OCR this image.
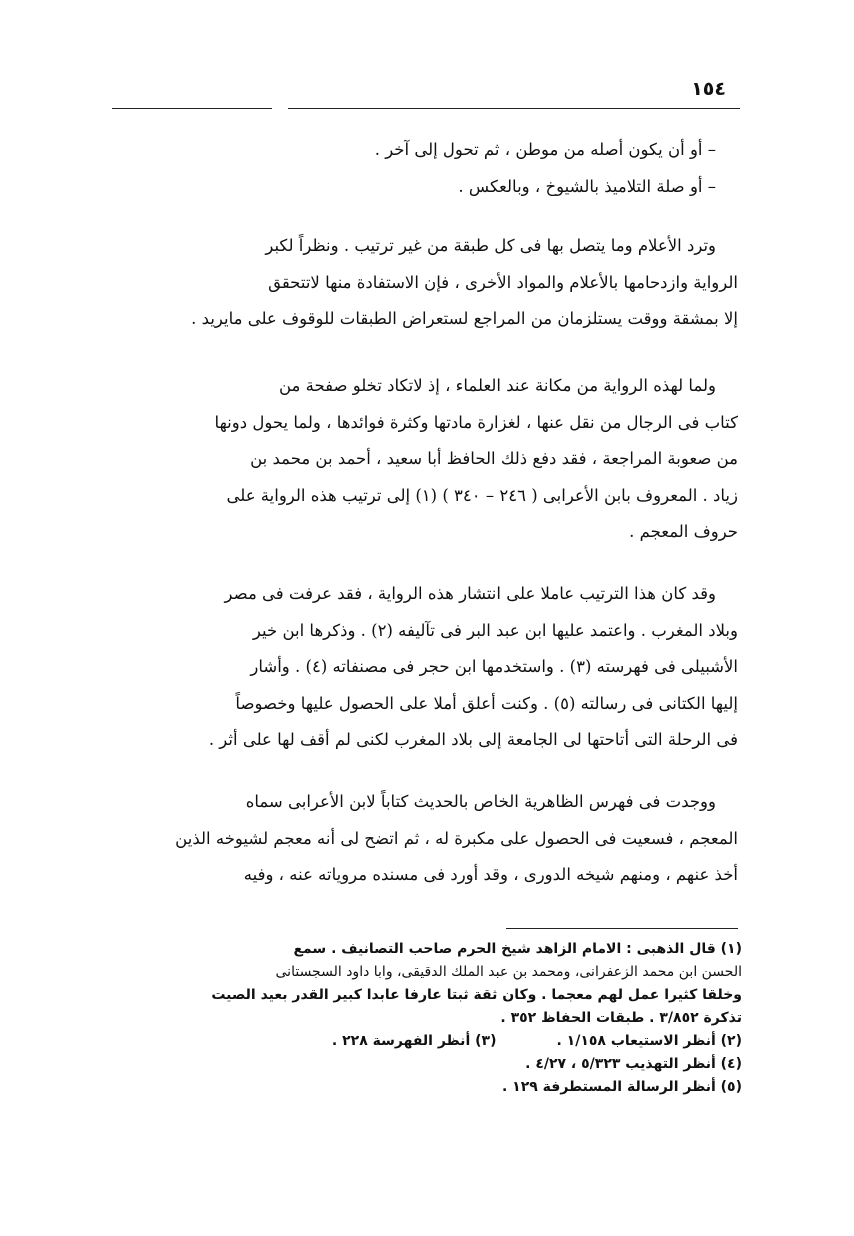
١٥٤
– أو أن يكون أصله من موطن ، ثم تحول إلى آخر .
– أو صلة التلاميذ بالشيوخ ، وبالعكس .
وترد الأعلام وما يتصل بها فى كل طبقة من غير ترتيب . ونظراً لكبر
الرواية وازدحامها بالأعلام والمواد الأخرى ، فإن الاستفادة منها لاتتحقق
إلا بمشقة ووقت يستلزمان من المراجع لستعراض الطبقات للوقوف على مايريد .
ولما لهذه الرواية من مكانة عند العلماء ، إذ لاتكاد تخلو صفحة من
كتاب فى الرجال من نقل عنها ، لغزارة مادتها وكثرة فوائدها ، ولما يحول دونها
من صعوبة المراجعة ، فقد دفع ذلك الحافظ أبا سعيد ، أحمد بن محمد بن
زياد . المعروف بابن الأعرابى ( ٢٤٦ – ٣٤٠ ) (١) إلى ترتيب هذه الرواية على
حروف المعجم .
وقد كان هذا الترتيب عاملا على انتشار هذه الرواية ، فقد عرفت فى مصر
وبلاد المغرب . واعتمد عليها ابن عبد البر فى تآليفه (٢) . وذكرها ابن خير
الأشبيلى فى فهرسته (٣) . واستخدمها ابن حجر فى مصنفاته (٤) . وأشار
إليها الكتانى فى رسالته (٥) . وكنت أعلق أملا على الحصول عليها وخصوصاً
فى الرحلة التى أتاحتها لى الجامعة إلى بلاد المغرب لكنى لم أقف لها على أثر .
ووجدت فى فهرس الظاهرية الخاص بالحديث كتاباً لابن الأعرابى سماه
المعجم ، فسعيت فى الحصول على مكبرة له ، ثم اتضح لى أنه معجم لشيوخه الذين
أخذ عنهم ، ومنهم شيخه الدورى ، وقد أورد فى مسنده مروياته عنه ، وفيه
(١) قال الذهبى : الامام الزاهد شيخ الحرم صاحب التصانيف . سمع
الحسن ابن محمد الزعفرانى، ومحمد بن عبد الملك الدقيقى، وابا داود السجستانى
وخلقا كثيرا عمل لهم معجما . وكان ثقة ثبتا عارفا عابدا كبير القدر بعيد الصيت
تذكرة ٣/٨٥٢ . طبقات الحفاظ ٣٥٢ .
(٢) أنظر الاستيعاب ١/١٥٨ .
(٣) أنظر الفهرسة ٢٢٨ .
(٤) أنظر التهذيب ٥/٣٢٣ ، ٤/٢٧ .
(٥) أنظر الرسالة المستطرفة ١٢٩ .
